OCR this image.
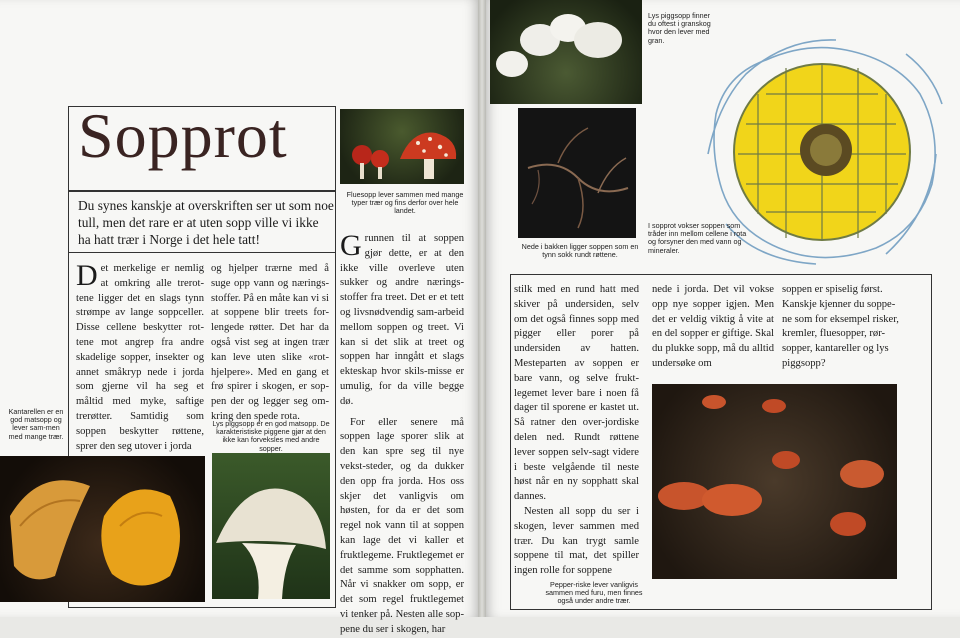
Sopprot
Du synes kanskje at overskriften ser ut som noe tull, men det rare er at uten sopp ville vi ikke ha hatt trær i Norge i det hele tatt!
Det merkelige er nemlig at omkring alle trerot-tene ligger det en slags tynn strømpe av lange soppceller. Disse cellene beskytter rot-tene mot angrep fra andre skadelige sopper, insekter og annet småkryp nede i jorda som gjerne vil ha seg et måltid med myke, saftige trerøtter. Samtidig som soppen beskytter røttene, sprer den seg utover i jorda
og hjelper trærne med å suge opp vann og nærings-stoffer. På en måte kan vi si at soppene blir treets for-lengede røtter. Det har da også vist seg at ingen trær kan leve uten slike «rot-hjelpere». Med en gang et frø spirer i skogen, er sop-pen der og legger seg om-kring den spede rota.
Grunnen til at soppen gjør dette, er at den ikke ville overleve uten sukker og andre nærings-stoffer fra treet. Det er et tett og livsnødvendig sam-arbeid mellom soppen og treet. Vi kan si det slik at treet og soppen har inngått et slags ekteskap hvor skils-misse er umulig, for da ville begge dø.
For eller senere må soppen lage sporer slik at den kan spre seg til nye vekst-steder, og da dukker den opp fra jorda. Hos oss skjer det vanligvis om høsten, for da er det som regel nok vann til at soppen kan lage det vi kaller et fruktlegeme. Fruktlegemet er det samme som sopphatten. Når vi snakker om sopp, er det som regel fruktlegemet vi tenker på. Nesten alle sop-pene du ser i skogen, har
stilk med en rund hatt med skiver på undersiden, selv om det også finnes sopp med pigger eller porer på undersiden av hatten. Mesteparten av soppen er bare vann, og selve frukt-legemet lever bare i noen få dager til sporene er kastet ut. Så ratner den over-jordiske delen ned. Rundt røttene lever soppen selv-sagt videre i beste velgående til neste høst når en ny sopphatt skal dannes.
Nesten all sopp du ser i skogen, lever sammen med trær. Du kan trygt samle soppene til mat, det spiller ingen rolle for soppene
nede i jorda. Det vil vokse opp nye sopper igjen. Men det er veldig viktig å vite at en del sopper er giftige. Skal du plukke sopp, må du alltid undersøke om
soppen er spiselig først. Kanskje kjenner du soppe-ne som for eksempel risker, kremler, fluesopper, rør-sopper, kantareller og lys piggsopp?
Fluesopp lever sammen med mange typer trær og fins derfor over hele landet.
Kantarellen er en god matsopp og lever sam-men med mange trær.
Lys piggsopp er en god matsopp. De karakteristiske piggene gjør at den ikke kan forveksles med andre sopper.
Lys piggsopp finner du oftest i granskog hvor den lever med gran.
Nede i bakken ligger soppen som en tynn sokk rundt røttene.
I sopprot vokser soppen som tråder inn mellom cellene i rota og forsyner den med vann og mineraler.
Pepper-riske lever vanligvis sammen med furu, men finnes også under andre trær.
